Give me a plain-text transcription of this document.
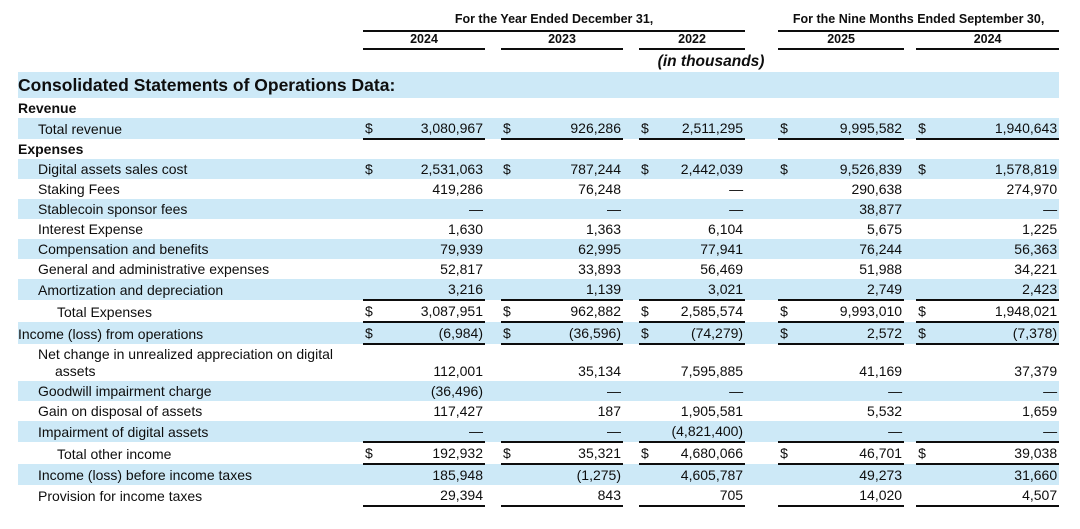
	For the Year Ended December 31,									For the Nine Months Ended September 30,				
	2024			2023			2022			2025			2024	
	(in thousands)													

Consolidated Statements of Operations Data:														
Revenue														
Total revenue	$	3,080,967		$	926,286		$	2,511,295		$	9,995,582		$	1,940,643
Expenses														
Digital assets sales cost	$	2,531,063		$	787,244		$	2,442,039		$	9,526,839		$	1,578,819
Staking Fees		419,286			76,248			—			290,638			274,970
Stablecoin sponsor fees		—			—			—			38,877			—
Interest Expense		1,630			1,363			6,104			5,675			1,225
Compensation and benefits		79,939			62,995			77,941			76,244			56,363
General and administrative expenses		52,817			33,893			56,469			51,988			34,221
Amortization and depreciation		3,216			1,139			3,021			2,749			2,423
Total Expenses	$	3,087,951		$	962,882		$	2,585,574		$	9,993,010		$	1,948,021
Income (loss) from operations	$	(6,984)		$	(36,596)		$	(74,279)		$	2,572		$	(7,378)
Net change in unrealized appreciation on digital assets		112,001			35,134			7,595,885			41,169			37,379
Goodwill impairment charge		(36,496)			—			—			—			—
Gain on disposal of assets		117,427			187			1,905,581			5,532			1,659
Impairment of digital assets		—			—			(4,821,400)			—			—
Total other income	$	192,932		$	35,321		$	4,680,066		$	46,701		$	39,038
Income (loss) before income taxes		185,948			(1,275)			4,605,787			49,273			31,660
Provision for income taxes		29,394			843			705			14,020			4,507
